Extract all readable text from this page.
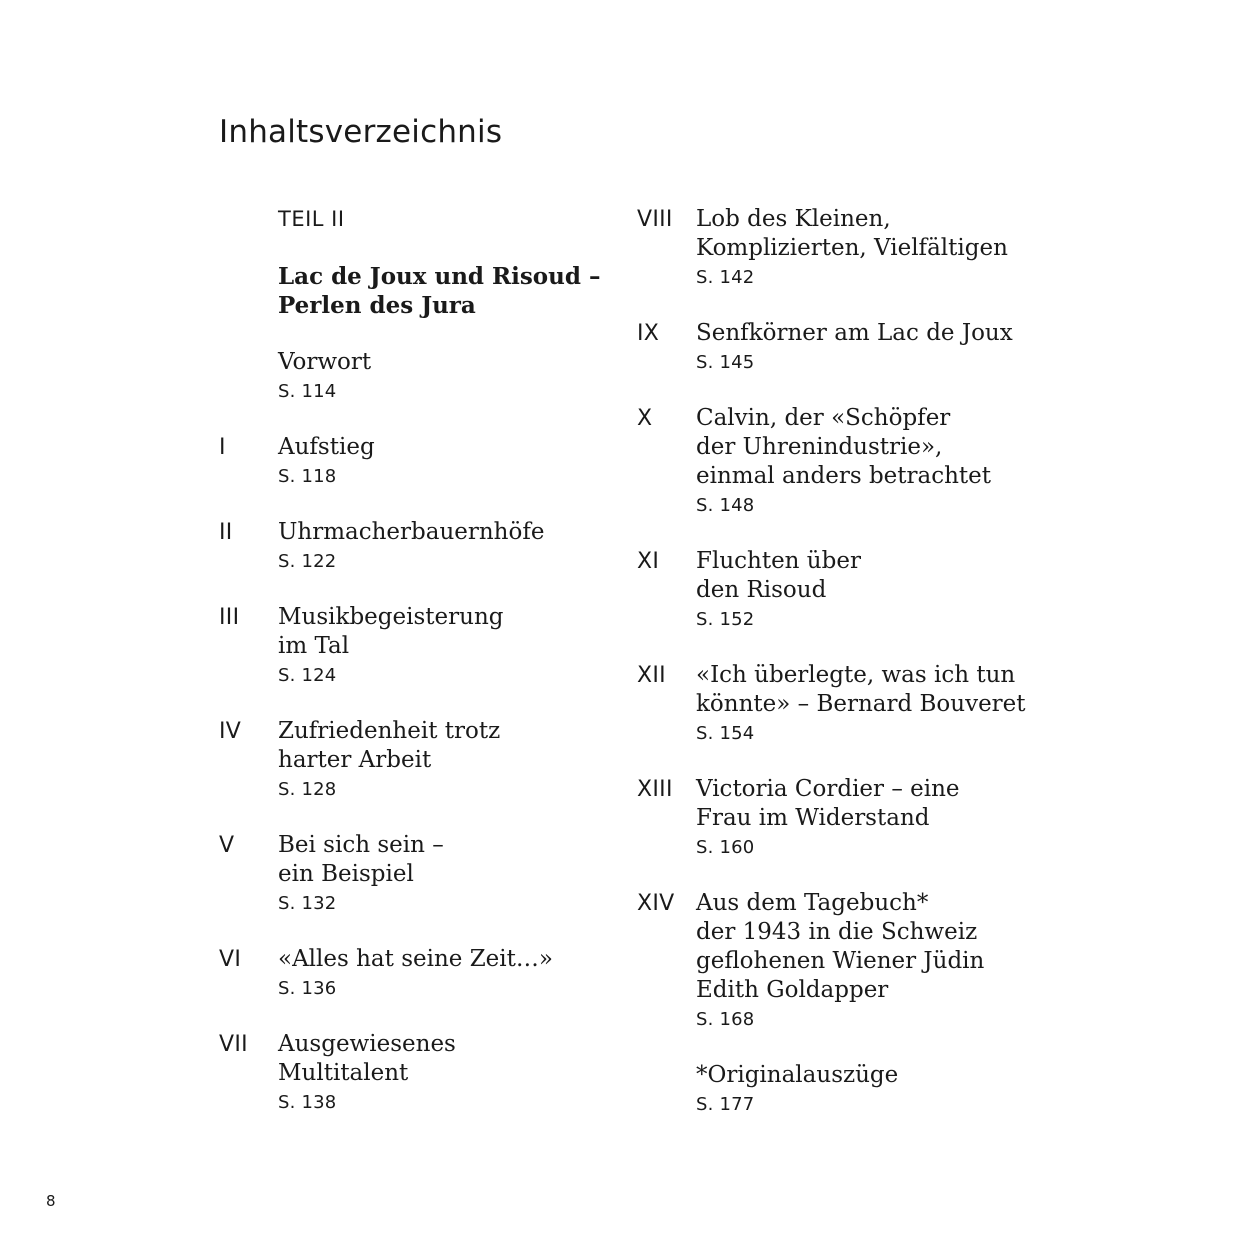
Inhaltsverzeichnis
TEIL II
Lac de Joux und Risoud –
Perlen des Jura
Vorwort
S. 114
I Aufstieg
S. 118
II Uhrmacherbauernhöfe
S. 122
III Musikbegeisterung
im Tal
S. 124
IV Zufriedenheit trotz
harter Arbeit
S. 128
V Bei sich sein –
ein Beispiel
S. 132
VI «Alles hat seine Zeit…»
S. 136
VII Ausgewiesenes
Multitalent
S. 138
VIII Lob des Kleinen,
Komplizierten, Vielfältigen
S. 142
IX Senfkörner am Lac de Joux
S. 145
X Calvin, der «Schöpfer
der Uhrenindustrie»,
einmal anders betrachtet
S. 148
XI Fluchten über
den Risoud
S. 152
XII «Ich überlegte, was ich tun
könnte» – Bernard Bouveret
S. 154
XIII Victoria Cordier – eine
Frau im Widerstand
S. 160
XIV Aus dem Tagebuch*
der 1943 in die Schweiz
geflohenen Wiener Jüdin
Edith Goldapper
S. 168
*Originalauszüge
S. 177
8
